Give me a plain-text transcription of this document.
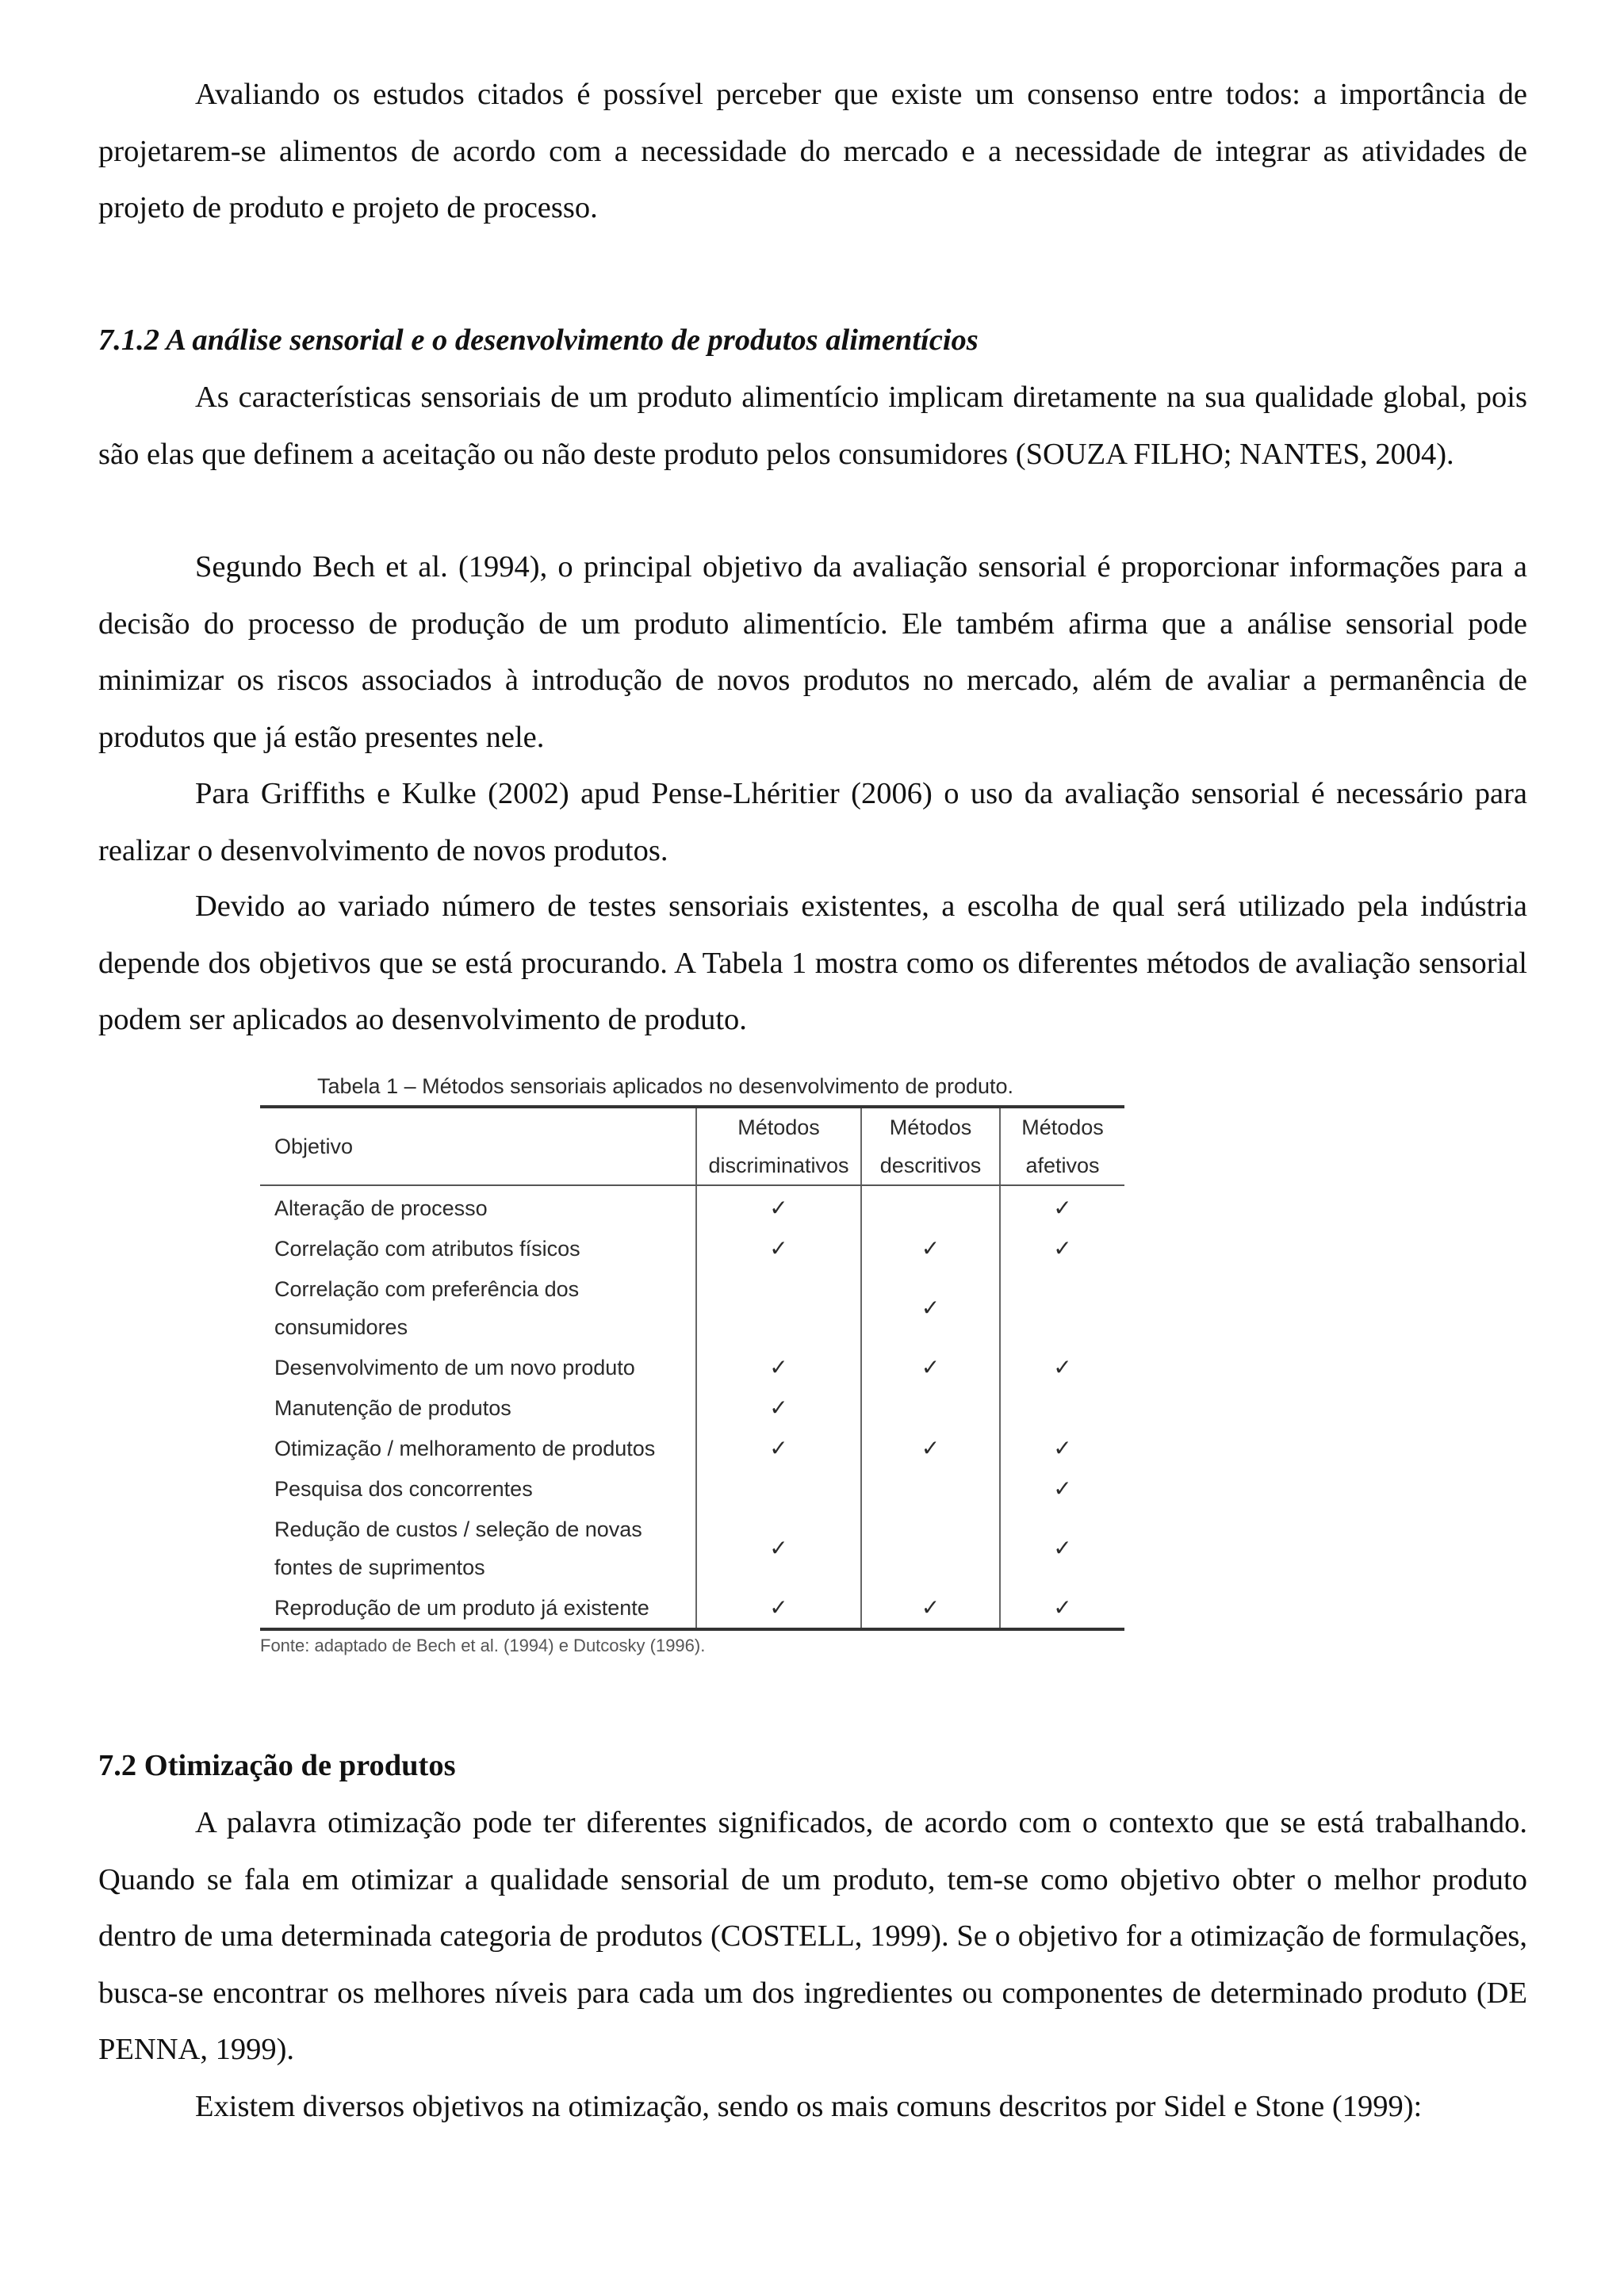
Avaliando os estudos citados é possível perceber que existe um consenso entre todos: a importância de projetarem-se alimentos de acordo com a necessidade do mercado e a necessidade de integrar as atividades de projeto de produto e projeto de processo.

7.1.2 A análise sensorial e o desenvolvimento de produtos alimentícios

As características sensoriais de um produto alimentício implicam diretamente na sua qualidade global, pois são elas que definem a aceitação ou não deste produto pelos consumidores (SOUZA FILHO; NANTES, 2004).

Segundo Bech et al. (1994), o principal objetivo da avaliação sensorial é proporcionar informações para a decisão do processo de produção de um produto alimentício. Ele também afirma que a análise sensorial pode minimizar os riscos associados à introdução de novos produtos no mercado, além de avaliar a permanência de produtos que já estão presentes nele.

Para Griffiths e Kulke (2002) apud Pense-Lhéritier (2006) o uso da avaliação sensorial é necessário para realizar o desenvolvimento de novos produtos.

Devido ao variado número de testes sensoriais existentes, a escolha de qual será utilizado pela indústria depende dos objetivos que se está procurando. A Tabela 1 mostra como os diferentes métodos de avaliação sensorial podem ser aplicados ao desenvolvimento de produto.

Tabela 1 – Métodos sensoriais aplicados no desenvolvimento de produto.
Objetivo	Métodos discriminativos	Métodos descritivos	Métodos afetivos
Alteração de processo	✓		✓
Correlação com atributos físicos	✓	✓	✓
Correlação com preferência dos consumidores		✓	
Desenvolvimento de um novo produto	✓	✓	✓
Manutenção de produtos	✓		
Otimização / melhoramento de produtos	✓	✓	✓
Pesquisa dos concorrentes			✓
Redução de custos / seleção de novas fontes de suprimentos	✓		✓
Reprodução de um produto já existente	✓	✓	✓
Fonte: adaptado de Bech et al. (1994) e Dutcosky (1996).
7.2 Otimização de produtos

A palavra otimização pode ter diferentes significados, de acordo com o contexto que se está trabalhando. Quando se fala em otimizar a qualidade sensorial de um produto, tem-se como objetivo obter o melhor produto dentro de uma determinada categoria de produtos (COSTELL, 1999). Se o objetivo for a otimização de formulações, busca-se encontrar os melhores níveis para cada um dos ingredientes ou componentes de determinado produto (DE PENNA, 1999).

Existem diversos objetivos na otimização, sendo os mais comuns descritos por Sidel e Stone (1999):
